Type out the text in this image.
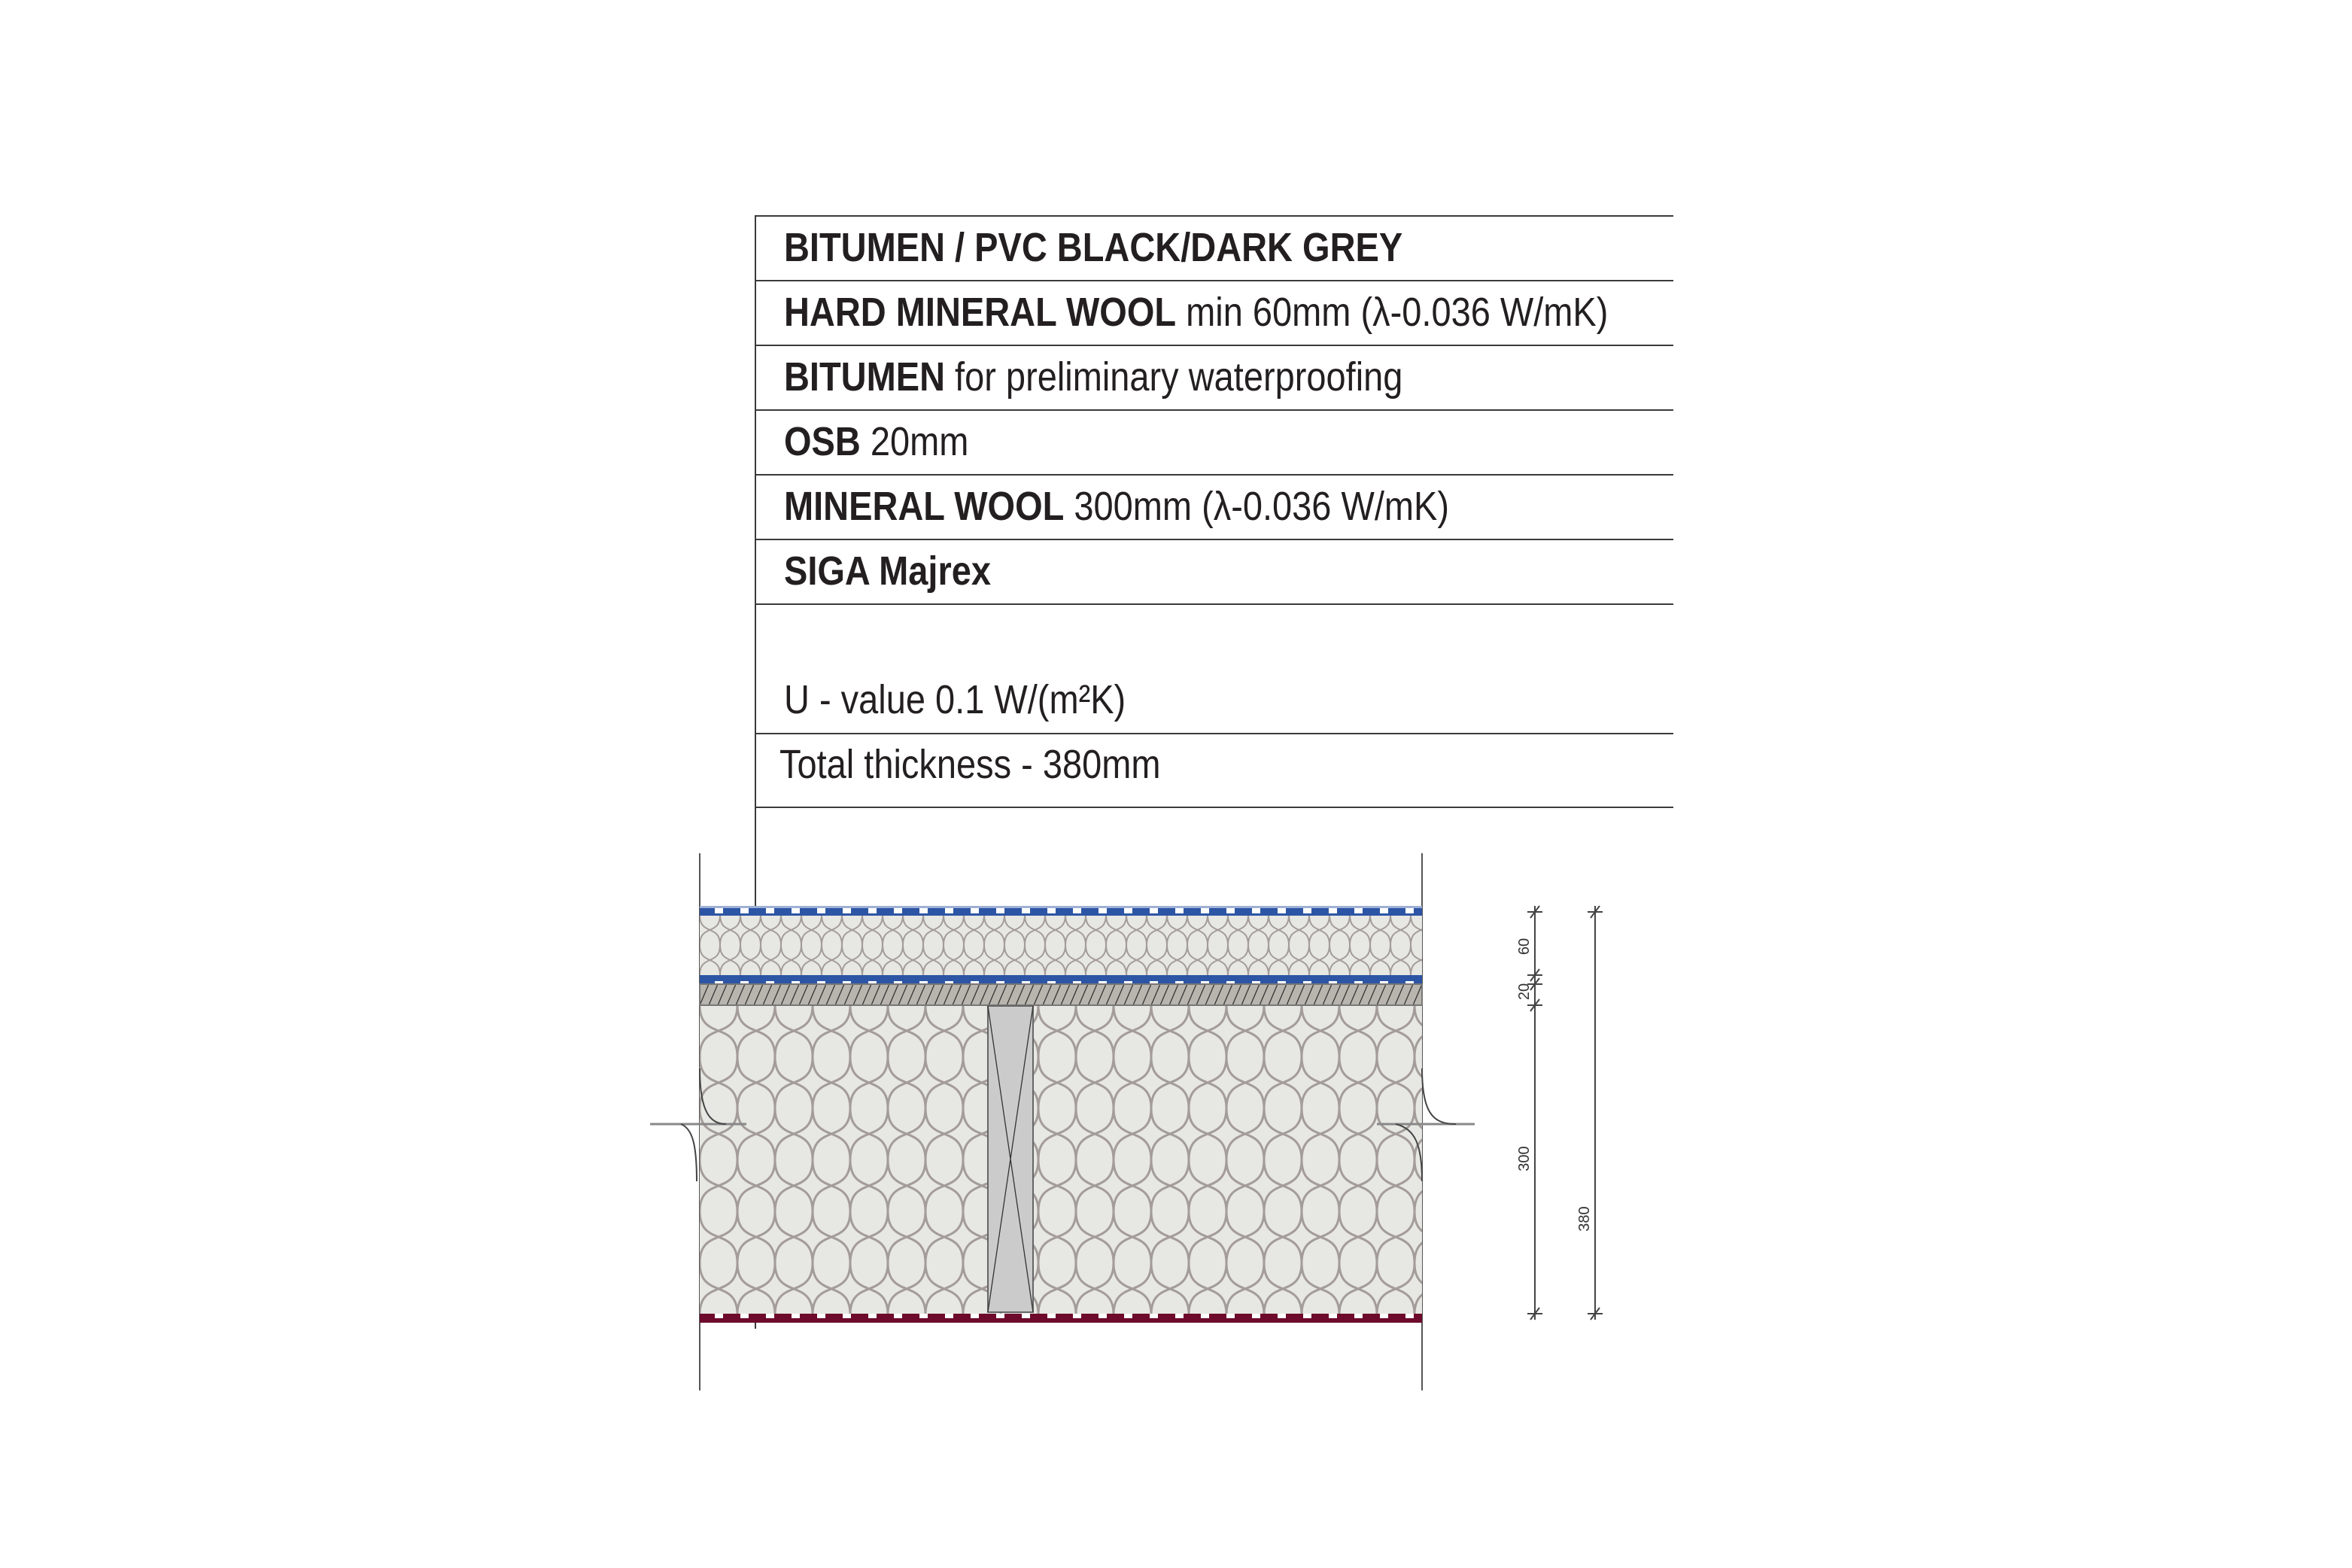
BITUMEN / PVC BLACK/DARK GREY
HARD MINERAL WOOL min 60mm (λ-0.036 W/mK)
BITUMEN for preliminary waterproofing
OSB 20mm
MINERAL WOOL 300mm (λ-0.036 W/mK)
SIGA Majrex
U - value 0.1 W/(m²K)
Total thickness - 380mm
60
20
300
380
